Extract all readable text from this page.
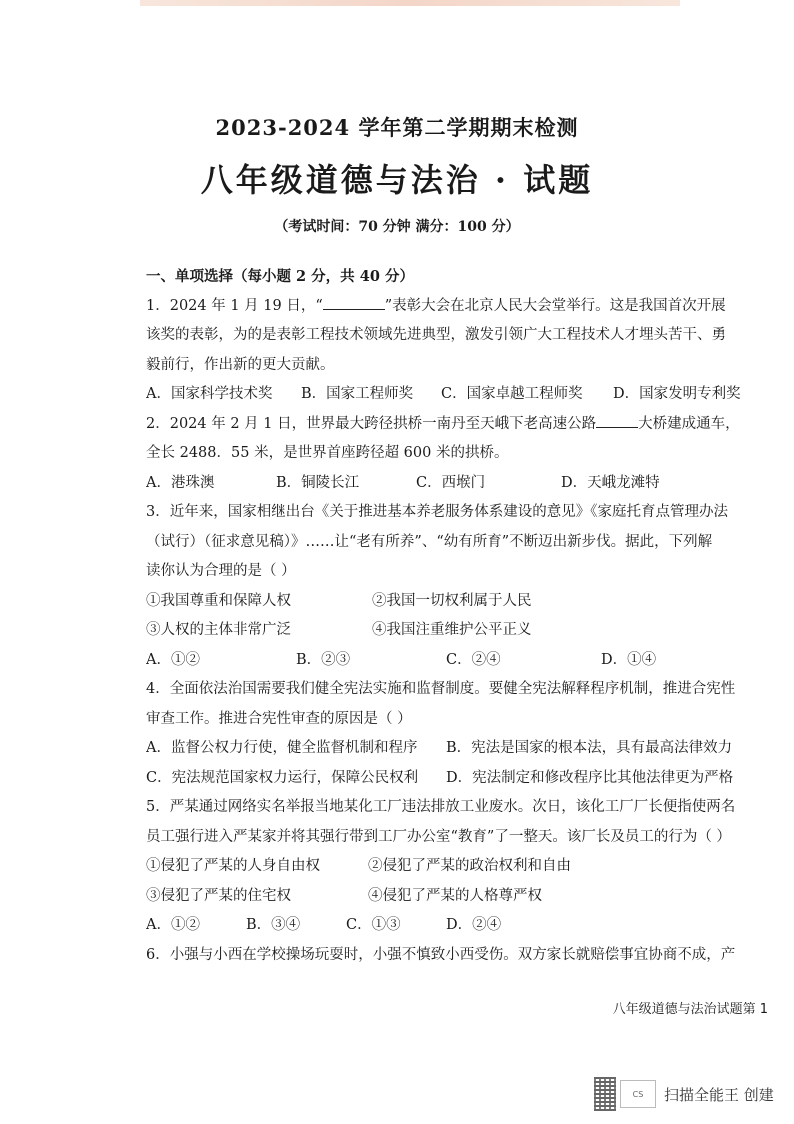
2023-2024 学年第二学期期末检测
八年级道德与法治 · 试题
（考试时间：70 分钟 满分：100 分）
一、单项选择（每小题 2 分，共 40 分）
1．2024 年 1 月 19 日，“	”表彰大会在北京人民大会堂举行。这是我国首次开展
该奖的表彰，为的是表彰工程技术领域先进典型，激发引领广大工程技术人才埋头苦干、勇
毅前行，作出新的更大贡献。
A．国家科学技术奖	B．国家工程师奖	C．国家卓越工程师奖	D．国家发明专利奖
2．2024 年 2 月 1 日，世界最大跨径拱桥一南丹至天峨下老高速公路	大桥建成通车，
全长 2488．55 米，是世界首座跨径超 600 米的拱桥。
A．港珠澳	B．铜陵长江	C．西堠门	D．天峨龙滩特
3．近年来，国家相继出台《关于推进基本养老服务体系建设的意见》《家庭托育点管理办法
（试行）（征求意见稿）》……让“老有所养”、“幼有所育”不断迈出新步伐。据此，下列解
读你认为合理的是（ ）
①我国尊重和保障人权	②我国一切权利属于人民
③人权的主体非常广泛	④我国注重维护公平正义
A．①②	B．②③	C．②④	D．①④
4．全面依法治国需要我们健全宪法实施和监督制度。要健全宪法解释程序机制，推进合宪性
审查工作。推进合宪性审查的原因是（ ）
A．监督公权力行使，健全监督机制和程序	B．宪法是国家的根本法，具有最高法律效力
C．宪法规范国家权力运行，保障公民权利	D．宪法制定和修改程序比其他法律更为严格
5．严某通过网络实名举报当地某化工厂违法排放工业废水。次日，该化工厂厂长便指使两名
员工强行进入严某家并将其强行带到工厂办公室“教育”了一整天。该厂长及员工的行为（ ）
①侵犯了严某的人身自由权	②侵犯了严某的政治权利和自由
③侵犯了严某的住宅权	④侵犯了严某的人格尊严权
A．①②	B．③④	C．①③	D．②④
6．小强与小西在学校操场玩耍时，小强不慎致小西受伤。双方家长就赔偿事宜协商不成，产
八年级道德与法治试题第 1
CS	扫描全能王 创建
